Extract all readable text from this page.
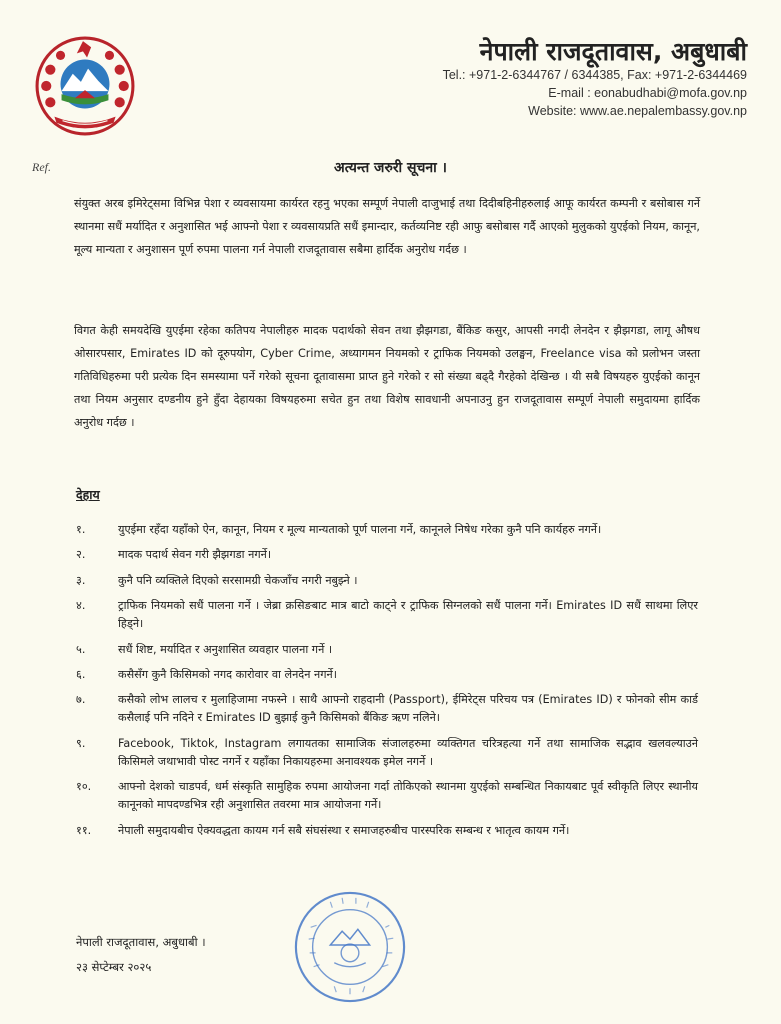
नेपाली राजदूतावास, अबुधाबी
Tel.: +971-2-6344767 / 6344385, Fax: +971-2-6344469
E-mail : eonabudhabi@mofa.gov.np
Website: www.ae.nepalembassy.gov.np
Ref.	अत्यन्त जरुरी सूचना ।

संयुक्त अरब इमिरेट्समा विभिन्न पेशा र व्यवसायमा कार्यरत रहनु भएका सम्पूर्ण नेपाली दाजुभाई तथा दिदीबहिनीहरुलाई आफू कार्यरत कम्पनी र बसोबास गर्ने स्थानमा सधैं मर्यादित र अनुशासित भई आफ्नो पेशा र व्यवसायप्रति सधैं इमान्दार, कर्तव्यनिष्ट रही आफु बसोबास गर्दै आएको मुलुकको युएईको नियम, कानून, मूल्य मान्यता र अनुशासन पूर्ण रुपमा पालना गर्न नेपाली राजदूतावास सबैमा हार्दिक अनुरोध गर्दछ ।

विगत केही समयदेखि युएईमा रहेका कतिपय नेपालीहरु मादक पदार्थको सेवन तथा झैझगडा, बैंकिङ कसुर, आपसी नगदी लेनदेन र झैझगडा, लागू औषध ओसारपसार, Emirates ID को दूरुपयोग, Cyber Crime, अध्यागमन नियमको र ट्राफिक नियमको उलङ्घन, Freelance visa को प्रलोभन जस्ता गतिविधिहरुमा परी प्रत्येक दिन समस्यामा पर्ने गरेको सूचना दूतावासमा प्राप्त हुने गरेको र सो संख्या बढ्दै गैरहेको देखिन्छ । यी सबै विषयहरु युएईको कानून तथा नियम अनुसार दण्डनीय हुने हुँदा देहायका विषयहरुमा सचेत हुन तथा विशेष सावधानी अपनाउनु हुन राजदूतावास सम्पूर्ण नेपाली समुदायमा हार्दिक अनुरोध गर्दछ ।

देहाय
१.	युएईमा रहँदा यहाँको ऐन, कानून, नियम र मूल्य मान्यताको पूर्ण पालना गर्ने, कानूनले निषेध गरेका कुनै पनि कार्यहरु नगर्ने।
२.	मादक पदार्थ सेवन गरी झैझगडा नगर्ने।
३.	कुनै पनि व्यक्तिले दिएको सरसामग्री चेकजाँच नगरी नबुझ्ने ।
४.	ट्राफिक नियमको सधैं पालना गर्ने । जेब्रा क्रसिङबाट मात्र बाटो काट्ने र ट्राफिक सिग्नलको सधैं पालना गर्ने। Emirates ID सधैं साथमा लिएर हिड्ने।
५.	सधैं शिष्ट, मर्यादित र अनुशासित व्यवहार पालना गर्ने ।
६.	कसैसँग कुनै किसिमको नगद कारोवार वा लेनदेन नगर्ने।
७.	कसैको लोभ लालच र मुलाहिजामा नफस्ने । साथै आफ्नो राहदानी (Passport), ईमिरेट्स परिचय पत्र (Emirates ID) र फोनको सीम कार्ड कसैलाई पनि नदिने र Emirates ID बुझाई कुनै किसिमको बैंकिङ ऋण नलिने।
९.	Facebook, Tiktok, Instagram लगायतका सामाजिक संजालहरुमा व्यक्तिगत चरित्रहत्या गर्ने तथा सामाजिक सद्भाव खलवल्याउने किसिमले जथाभावी पोस्ट नगर्ने र यहाँका निकायहरुमा अनावश्यक इमेल नगर्ने ।
१०.	आफ्नो देशको चाडपर्व, धर्म संस्कृति सामुहिक रुपमा आयोजना गर्दा तोकिएको स्थानमा युएईको सम्बन्धित निकायबाट पूर्व स्वीकृति लिएर स्थानीय कानूनको मापदण्डभित्र रही अनुशासित तवरमा मात्र आयोजना गर्ने।
११.	नेपाली समुदायबीच ऐक्यवद्धता कायम गर्न सबै संघसंस्था र समाजहरुबीच पारस्परिक सम्बन्ध र भातृत्व कायम गर्ने।
नेपाली राजदूतावास, अबुधाबी ।
२३ सेप्टेम्बर २०२५
